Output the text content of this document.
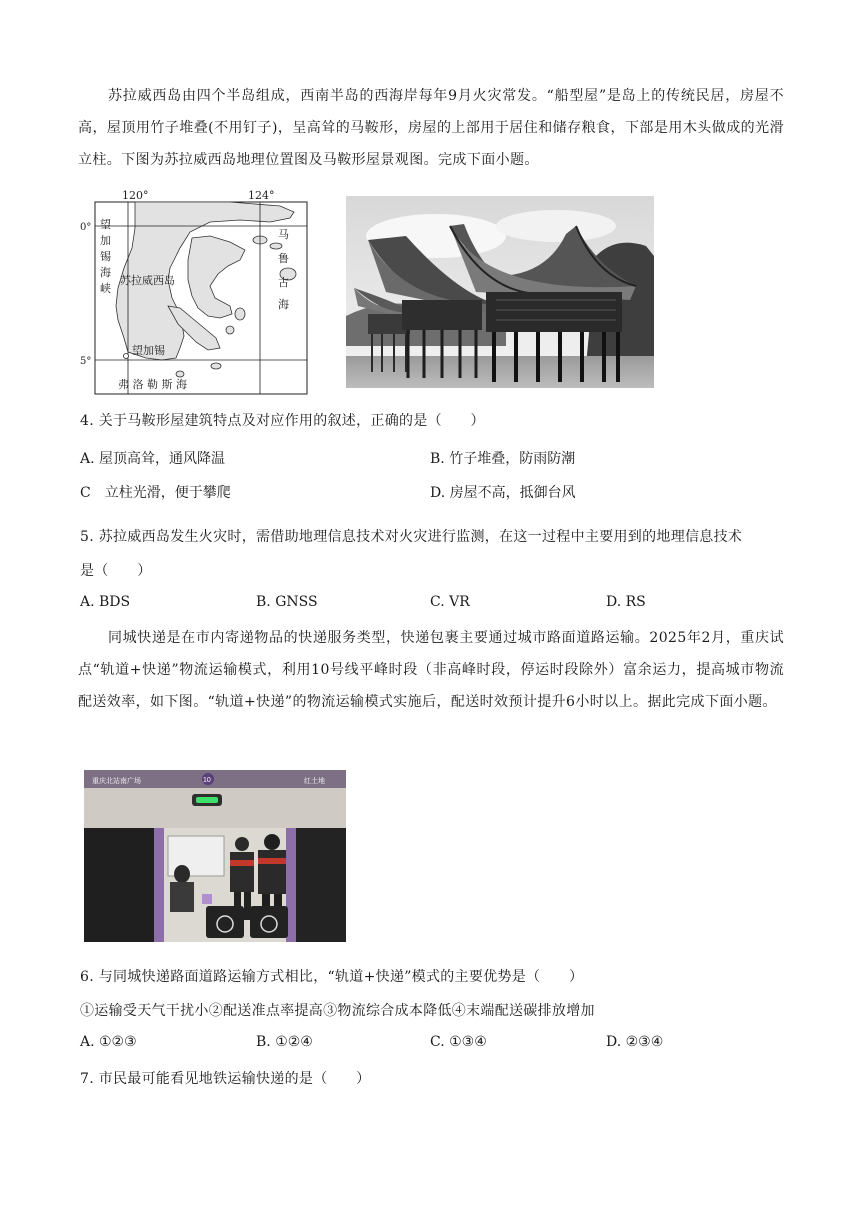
苏拉威西岛由四个半岛组成，西南半岛的西海岸每年9月火灾常发。“船型屋”是岛上的传统民居，房屋不高，屋顶用竹子堆叠(不用钉子)，呈高耸的马鞍形，房屋的上部用于居住和储存粮食，下部是用木头做成的光滑立柱。下图为苏拉威西岛地理位置图及马鞍形屋景观图。完成下面小题。
120°	124°
0°
5°
苏拉威西岛
望
加
锡
海
峡
马
鲁
古
海
望加锡
弗 洛 勒 斯 海
4. 关于马鞍形屋建筑特点及对应作用的叙述，正确的是（　　）
A. 屋顶高耸，通风降温	B. 竹子堆叠，防雨防潮
C　立柱光滑，便于攀爬	D. 房屋不高，抵御台风
5. 苏拉威西岛发生火灾时，需借助地理信息技术对火灾进行监测，在这一过程中主要用到的地理信息技术
是（　　）
A. BDS	B. GNSS	C. VR	D. RS
同城快递是在市内寄递物品的快递服务类型，快递包裹主要通过城市路面道路运输。2025年2月，重庆试点“轨道+快递”物流运输模式，利用10号线平峰时段（非高峰时段，停运时段除外）富余运力，提高城市物流配送效率，如下图。“轨道+快递”的物流运输模式实施后，配送时效预计提升6小时以上。据此完成下面小题。
重庆北站南广场	红土地
10
6. 与同城快递路面道路运输方式相比，“轨道+快递”模式的主要优势是（　　）
①运输受天气干扰小②配送准点率提高③物流综合成本降低④末端配送碳排放增加
A. ①②③	B. ①②④	C. ①③④	D. ②③④
7. 市民最可能看见地铁运输快递的是（　　）
